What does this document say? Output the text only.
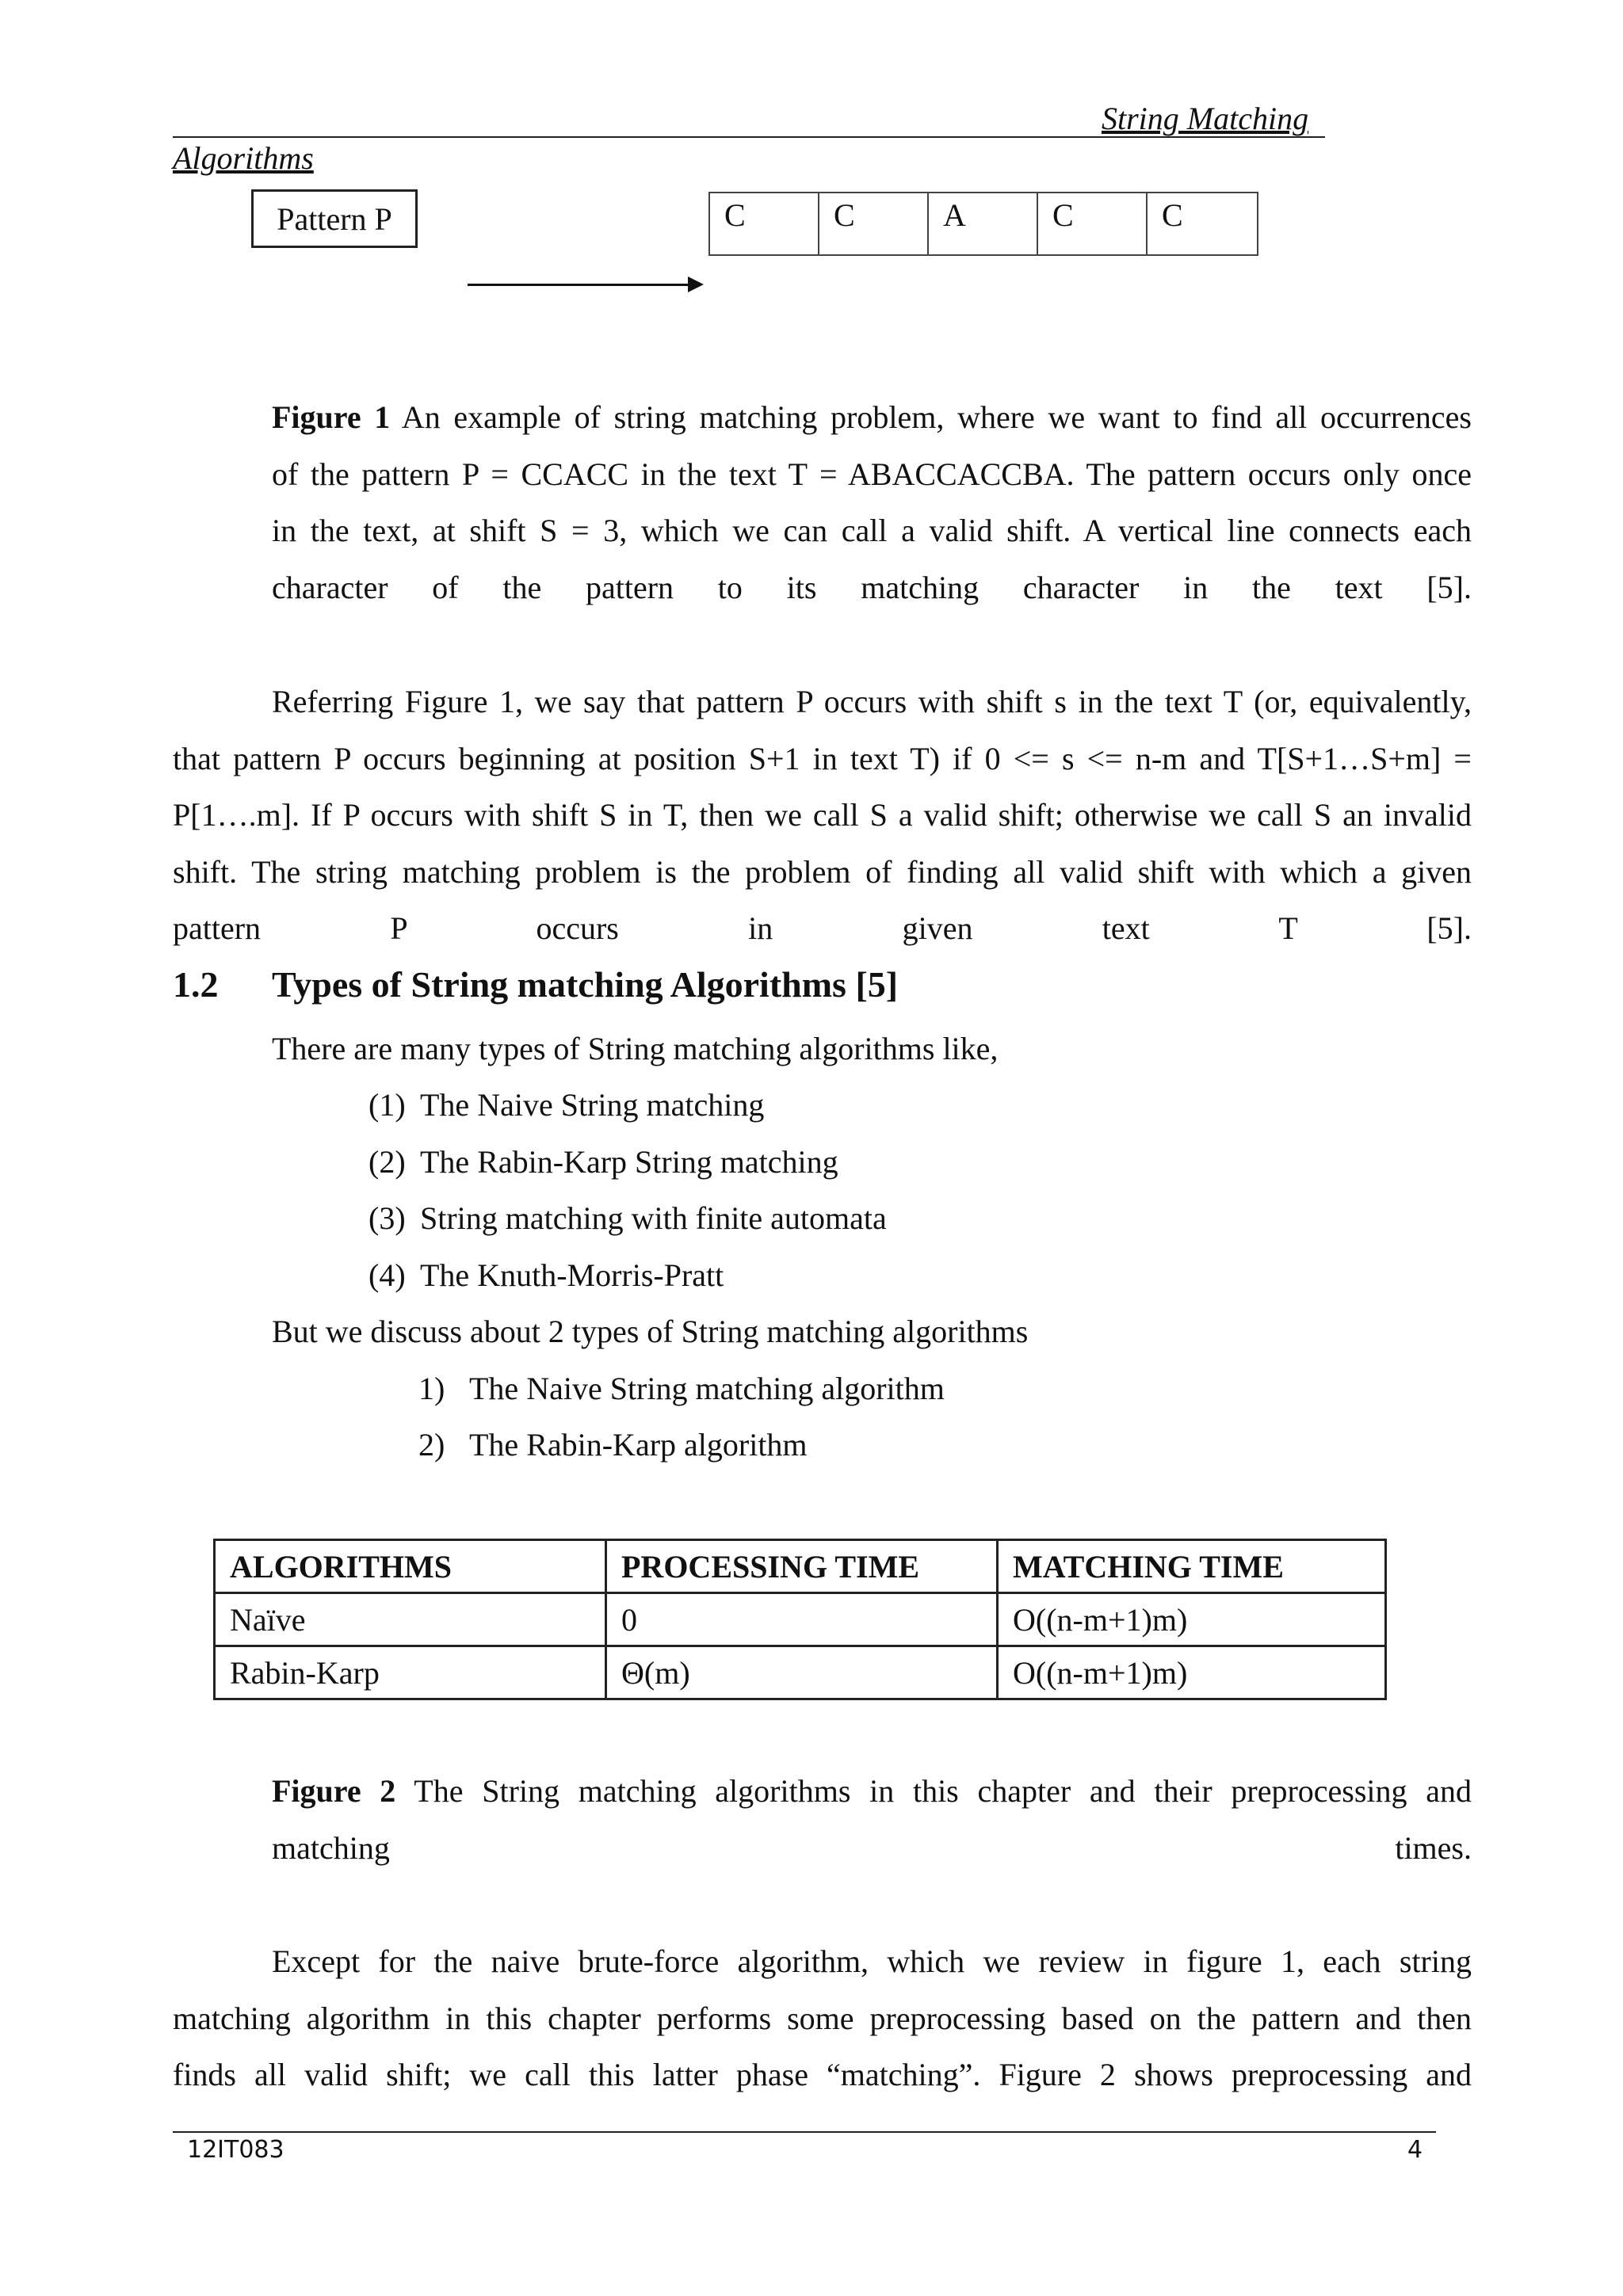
String Matching
Algorithms
Pattern P	C	C	A	C	C
Figure 1 An example of string matching problem, where we want to find all occurrences
of the pattern P = CCACC in the text T = ABACCACCBA. The pattern occurs only once
in the text, at shift S = 3, which we can call a valid shift. A vertical line connects each
character of the pattern to its matching character in the text [5].
Referring Figure 1, we say that pattern P occurs with shift s in the text T (or, equivalently,
that pattern P occurs beginning at position S+1 in text T) if 0 <= s <= n-m and T[S+1…S+m] =
P[1….m]. If P occurs with shift S in T, then we call S a valid shift; otherwise we call S an invalid
shift. The string matching problem is the problem of finding all valid shift with which a given
pattern P occurs in given text T [5].
1.2 Types of String matching Algorithms [5]
There are many types of String matching algorithms like,
(1) The Naive String matching
(2) The Rabin-Karp String matching
(3) String matching with finite automata
(4) The Knuth-Morris-Pratt
But we discuss about 2 types of String matching algorithms
1) The Naive String matching algorithm
2) The Rabin-Karp algorithm
ALGORITHMS	PROCESSING TIME	MATCHING TIME
Naïve	0	O((n-m+1)m)
Rabin-Karp	Θ(m)	O((n-m+1)m)
Figure 2 The String matching algorithms in this chapter and their preprocessing and
matching times.
Except for the naive brute-force algorithm, which we review in figure 1, each string
matching algorithm in this chapter performs some preprocessing based on the pattern and then
finds all valid shift; we call this latter phase “matching”. Figure 2 shows preprocessing and
12IT083	4
